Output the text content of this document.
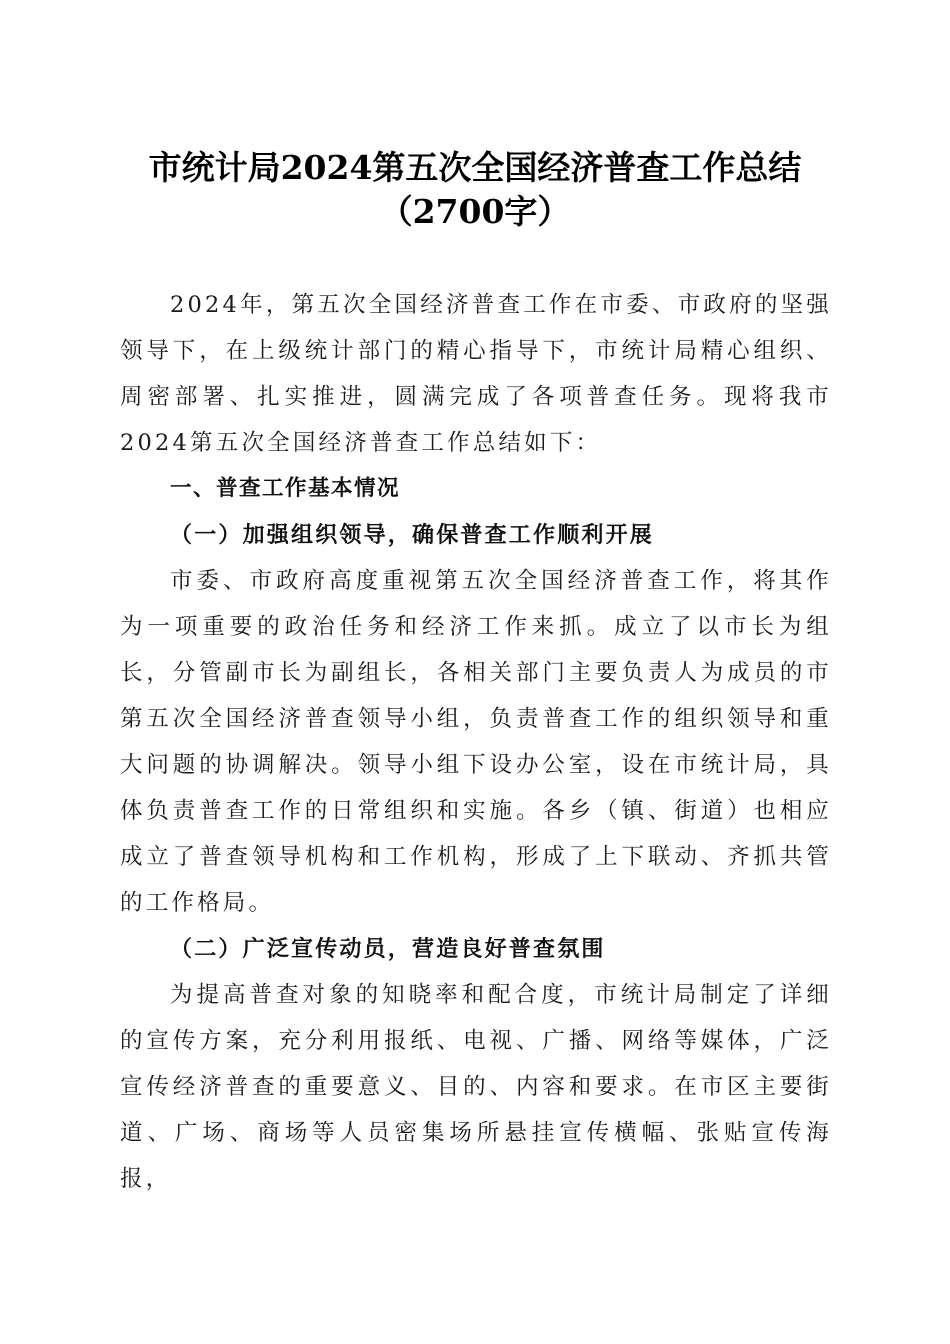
市统计局2024第五次全国经济普查工作总结
（2700字）

2024年，第五次全国经济普查工作在市委、市政府的坚强领导下，在上级统计部门的精心指导下，市统计局精心组织、周密部署、扎实推进，圆满完成了各项普查任务。现将我市2024第五次全国经济普查工作总结如下：

一、普查工作基本情况

（一）加强组织领导，确保普查工作顺利开展

市委、市政府高度重视第五次全国经济普查工作，将其作为一项重要的政治任务和经济工作来抓。成立了以市长为组长，分管副市长为副组长，各相关部门主要负责人为成员的市第五次全国经济普查领导小组，负责普查工作的组织领导和重大问题的协调解决。领导小组下设办公室，设在市统计局，具体负责普查工作的日常组织和实施。各乡（镇、街道）也相应成立了普查领导机构和工作机构，形成了上下联动、齐抓共管的工作格局。

（二）广泛宣传动员，营造良好普查氛围

为提高普查对象的知晓率和配合度，市统计局制定了详细的宣传方案，充分利用报纸、电视、广播、网络等媒体，广泛宣传经济普查的重要意义、目的、内容和要求。在市区主要街道、广场、商场等人员密集场所悬挂宣传横幅、张贴宣传海报，
